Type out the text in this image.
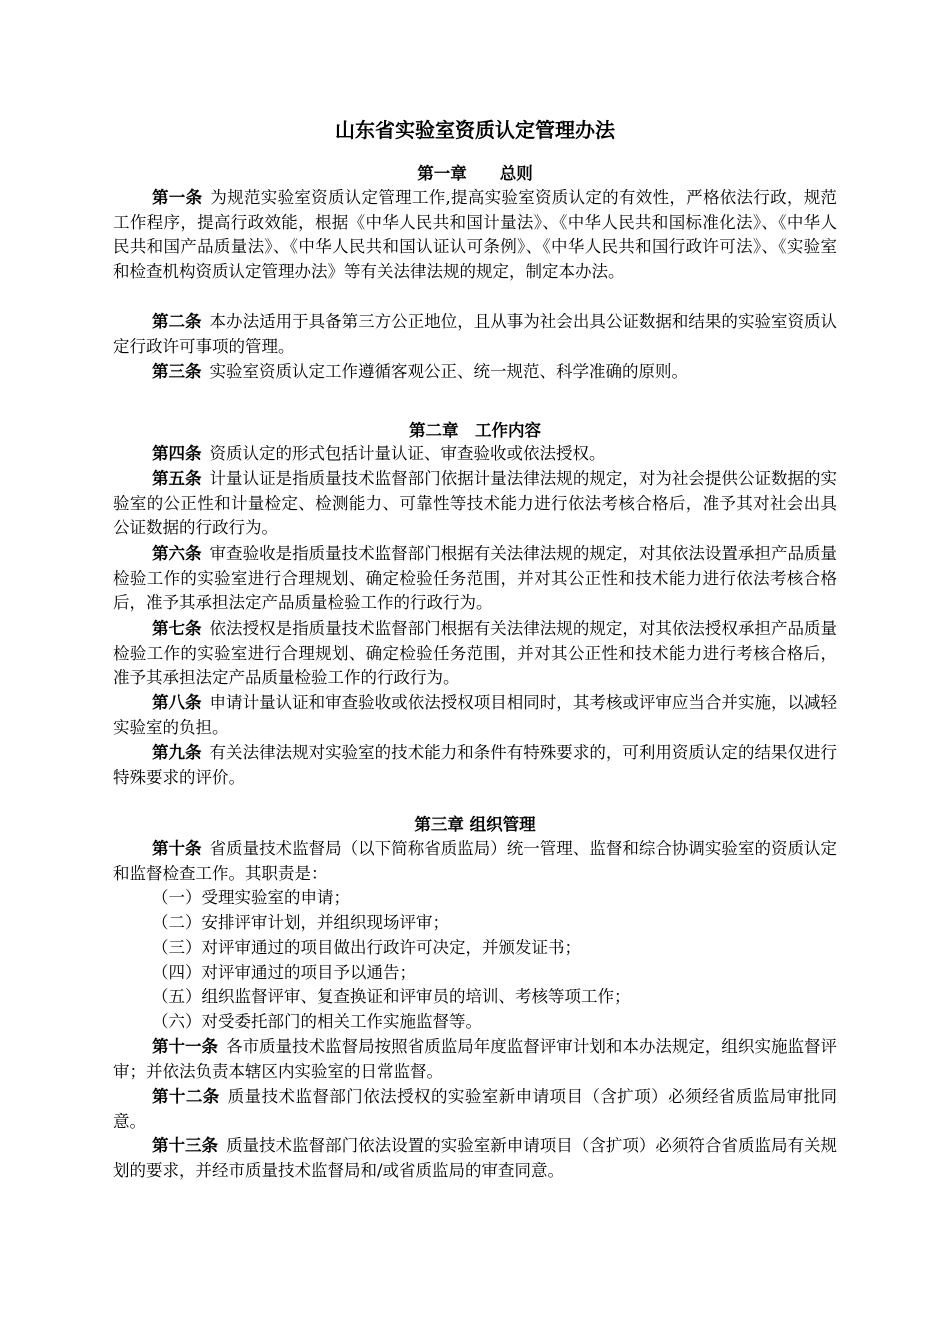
山东省实验室资质认定管理办法
第一章　　总则
第一条 为规范实验室资质认定管理工作,提高实验室资质认定的有效性，严格依法行政，规范工作程序，提高行政效能，根据《中华人民共和国计量法》、《中华人民共和国标准化法》、《中华人民共和国产品质量法》、《中华人民共和国认证认可条例》、《中华人民共和国行政许可法》、《实验室和检查机构资质认定管理办法》等有关法律法规的规定，制定本办法。
第二条 本办法适用于具备第三方公正地位，且从事为社会出具公证数据和结果的实验室资质认定行政许可事项的管理。
第三条 实验室资质认定工作遵循客观公正、统一规范、科学准确的原则。
第二章　工作内容
第四条 资质认定的形式包括计量认证、审查验收或依法授权。
第五条 计量认证是指质量技术监督部门依据计量法律法规的规定，对为社会提供公证数据的实验室的公正性和计量检定、检测能力、可靠性等技术能力进行依法考核合格后，准予其对社会出具公证数据的行政行为。
第六条 审查验收是指质量技术监督部门根据有关法律法规的规定，对其依法设置承担产品质量检验工作的实验室进行合理规划、确定检验任务范围，并对其公正性和技术能力进行依法考核合格后，准予其承担法定产品质量检验工作的行政行为。
第七条 依法授权是指质量技术监督部门根据有关法律法规的规定，对其依法授权承担产品质量检验工作的实验室进行合理规划、确定检验任务范围，并对其公正性和技术能力进行考核合格后，准予其承担法定产品质量检验工作的行政行为。
第八条 申请计量认证和审查验收或依法授权项目相同时，其考核或评审应当合并实施，以减轻实验室的负担。
第九条 有关法律法规对实验室的技术能力和条件有特殊要求的，可利用资质认定的结果仅进行特殊要求的评价。
第三章 组织管理
第十条 省质量技术监督局（以下简称省质监局）统一管理、监督和综合协调实验室的资质认定和监督检查工作。其职责是：
（一）受理实验室的申请；
（二）安排评审计划，并组织现场评审；
（三）对评审通过的项目做出行政许可决定，并颁发证书；
（四）对评审通过的项目予以通告；
（五）组织监督评审、复查换证和评审员的培训、考核等项工作；
（六）对受委托部门的相关工作实施监督等。
第十一条 各市质量技术监督局按照省质监局年度监督评审计划和本办法规定，组织实施监督评审；并依法负责本辖区内实验室的日常监督。
第十二条 质量技术监督部门依法授权的实验室新申请项目（含扩项）必须经省质监局审批同意。
第十三条 质量技术监督部门依法设置的实验室新申请项目（含扩项）必须符合省质监局有关规划的要求，并经市质量技术监督局和/或省质监局的审查同意。
